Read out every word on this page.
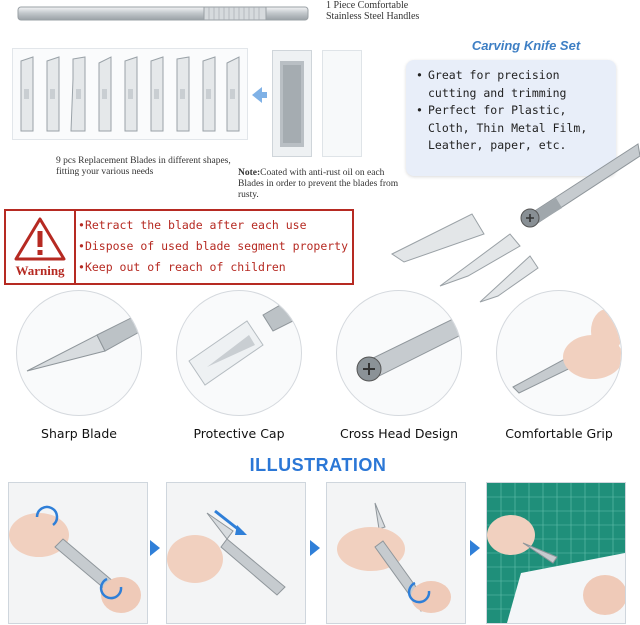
1 Piece Comfortable
Stainless Steel Handles
9 pcs Replacement Blades in different shapes, fitting your various needs	Note:Coated with anti-rust oil on each Blades in order to prevent the blades from rusty.
Carving Knife Set
• Great for precision cutting and trimming
• Perfect for Plastic, Cloth, Thin Metal Film, Leather, paper, etc.
Warning
• Retract the blade after each use
• Dispose of used blade segment property
• Keep out of reach of children
Sharp Blade	Protective Cap	Cross Head Design	Comfortable Grip
ILLUSTRATION
